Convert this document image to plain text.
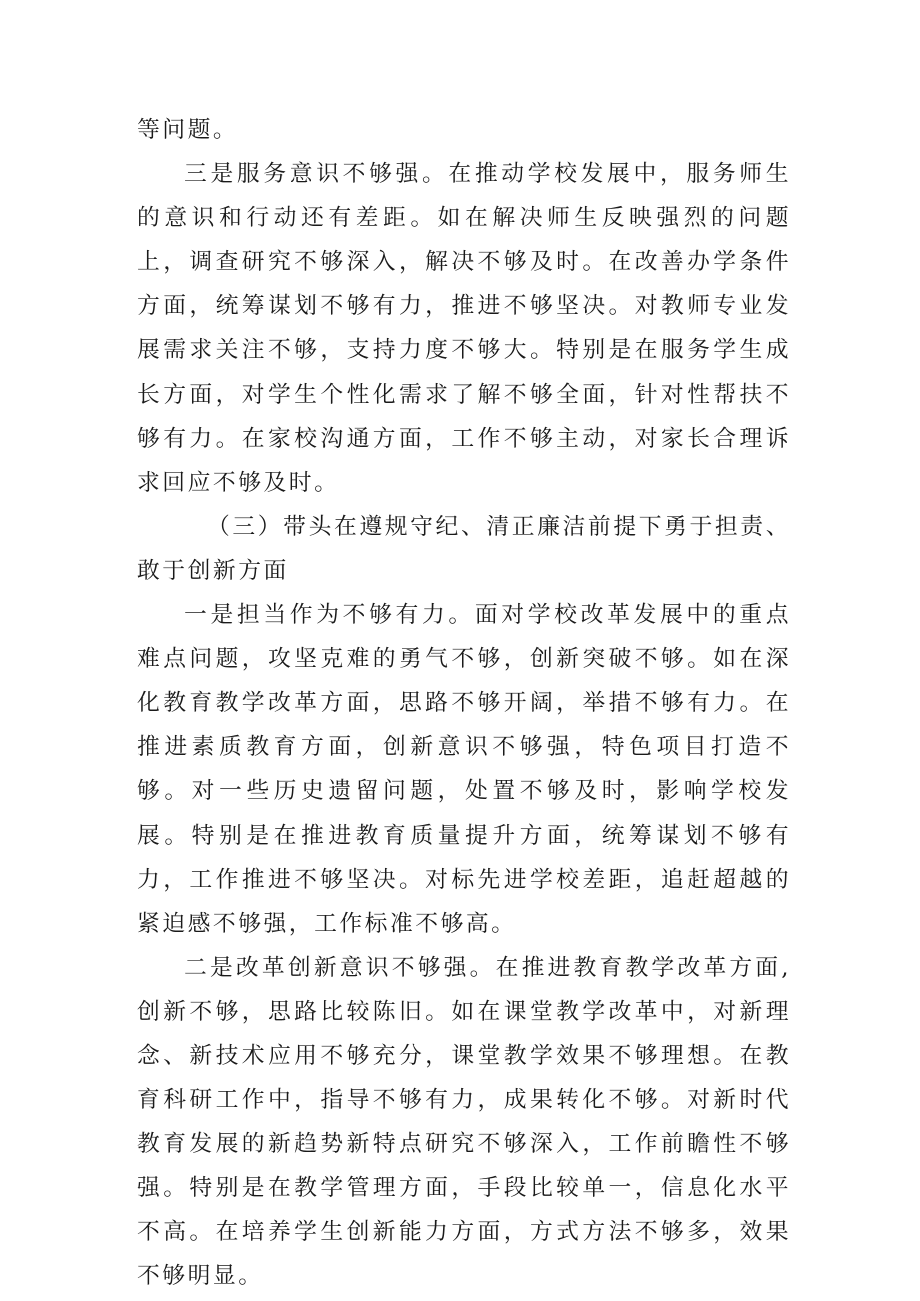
等问题。

三是服务意识不够强。在推动学校发展中，服务师生的意识和行动还有差距。如在解决师生反映强烈的问题上，调查研究不够深入，解决不够及时。在改善办学条件方面，统筹谋划不够有力，推进不够坚决。对教师专业发展需求关注不够，支持力度不够大。特别是在服务学生成长方面，对学生个性化需求了解不够全面，针对性帮扶不够有力。在家校沟通方面，工作不够主动，对家长合理诉求回应不够及时。

（三）带头在遵规守纪、清正廉洁前提下勇于担责、敢于创新方面

一是担当作为不够有力。面对学校改革发展中的重点难点问题，攻坚克难的勇气不够，创新突破不够。如在深化教育教学改革方面，思路不够开阔，举措不够有力。在推进素质教育方面，创新意识不够强，特色项目打造不够。对一些历史遗留问题，处置不够及时，影响学校发展。特别是在推进教育质量提升方面，统筹谋划不够有力，工作推进不够坚决。对标先进学校差距，追赶超越的紧迫感不够强，工作标准不够高。

二是改革创新意识不够强。在推进教育教学改革方面,创新不够，思路比较陈旧。如在课堂教学改革中，对新理念、新技术应用不够充分，课堂教学效果不够理想。在教育科研工作中，指导不够有力，成果转化不够。对新时代教育发展的新趋势新特点研究不够深入，工作前瞻性不够强。特别是在教学管理方面，手段比较单一，信息化水平不高。在培养学生创新能力方面，方式方法不够多，效果不够明显。
